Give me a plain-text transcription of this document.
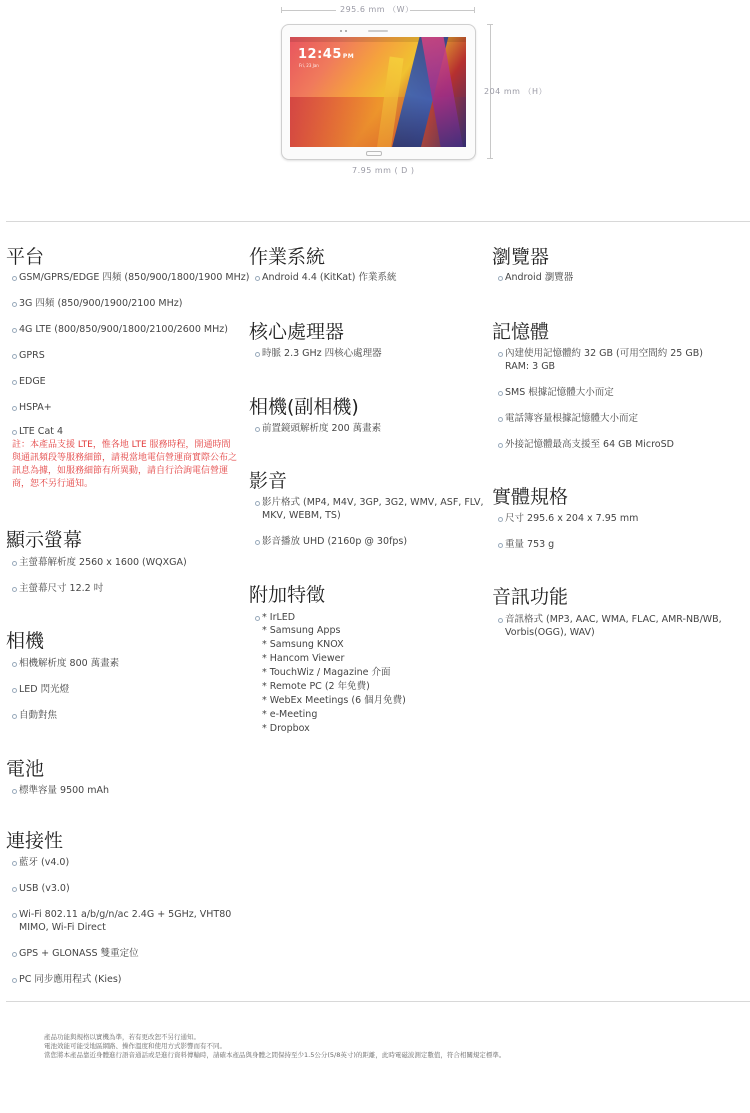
295.6 mm （W）
204 mm （H）
12:45PM
Fri, 23 Jan
7.95 mm ( D )
平台
GSM/GPRS/EDGE 四頻 (850/900/1800/1900 MHz)
3G 四頻 (850/900/1900/2100 MHz)
4G LTE (800/850/900/1800/2100/2600 MHz)
GPRS
EDGE
HSPA+
LTE Cat 4
註：本產品支援 LTE，惟各地 LTE 服務時程，開通時間與通訊頻段等服務細節，請視當地電信營運商實際公布之訊息為據，如服務細節有所異動，請自行洽詢電信營運商，恕不另行通知。
顯示螢幕
主螢幕解析度 2560 x 1600 (WQXGA)
主螢幕尺寸 12.2 吋
相機
相機解析度 800 萬畫素
LED 閃光燈
自動對焦
電池
標準容量 9500 mAh
連接性
藍牙 (v4.0)
USB (v3.0)
Wi-Fi 802.11 a/b/g/n/ac 2.4G + 5GHz, VHT80
MIMO, Wi-Fi Direct
GPS + GLONASS 雙重定位
PC 同步應用程式 (Kies)
作業系統
Android 4.4 (KitKat) 作業系統
核心處理器
時脈 2.3 GHz 四核心處理器
相機(副相機)
前置鏡頭解析度 200 萬畫素
影音
影片格式 (MP4, M4V, 3GP, 3G2, WMV, ASF, FLV,
MKV, WEBM, TS)
影音播放 UHD (2160p @ 30fps)
附加特徵
* IrLED
* Samsung Apps
* Samsung KNOX
* Hancom Viewer
* TouchWiz / Magazine 介面
* Remote PC (2 年免費)
* WebEx Meetings (6 個月免費)
* e-Meeting
* Dropbox
瀏覽器
Android 瀏覽器
記憶體
內建使用記憶體約 32 GB (可用空間約 25 GB)
RAM: 3 GB
SMS 根據記憶體大小而定
電話簿容量根據記憶體大小而定
外接記憶體最高支援至 64 GB MicroSD
實體規格
尺寸 295.6 x 204 x 7.95 mm
重量 753 g
音訊功能
音訊格式 (MP3, AAC, WMA, FLAC, AMR-NB/WB,
Vorbis(OGG), WAV)
產品功能與規格以實機為準，若有更改恕不另行通知。
電池效能可能受地區網路、操作溫度和使用方式影響而有不同。
當您將本產品靠近身體進行語音通話或是進行資料傳輸時，請確本產品與身體之間保持至少1.5公分(5/8英寸)的距離，此時電磁波測定數值，符合相關規定標準。
